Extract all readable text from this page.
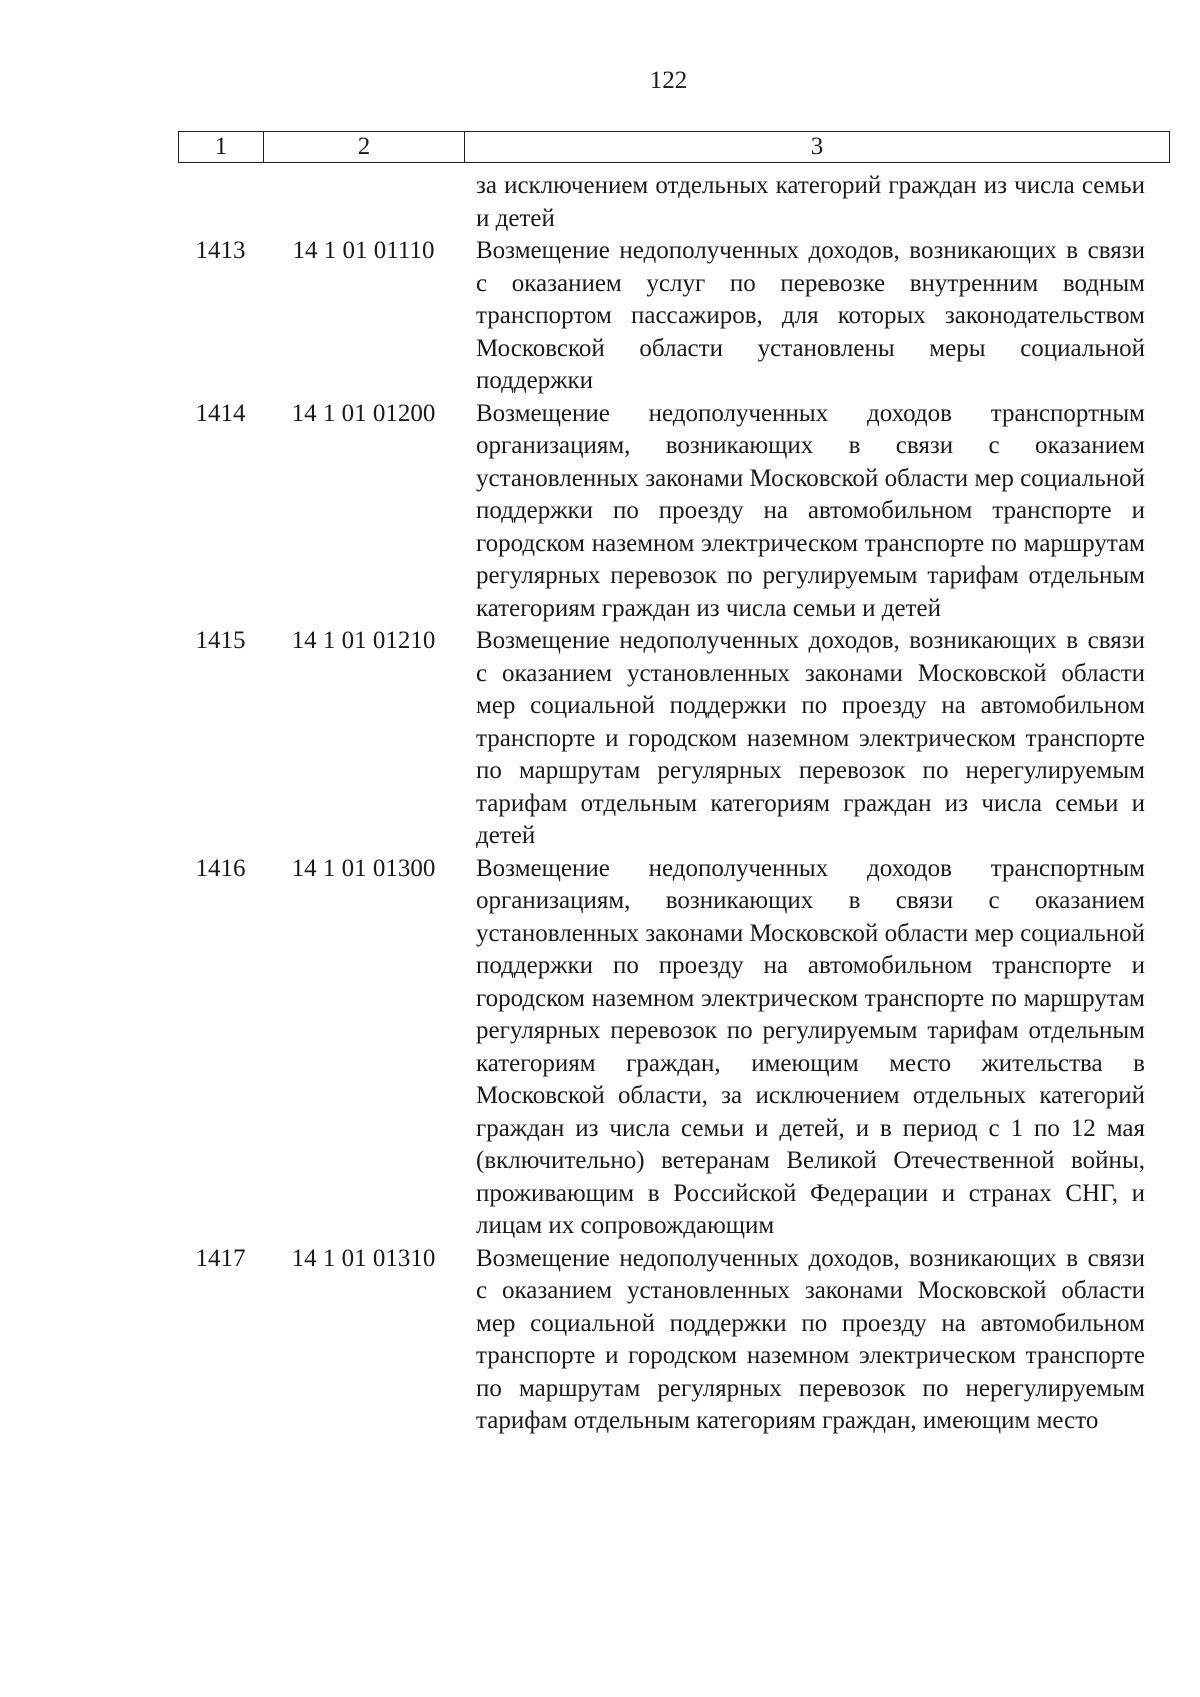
122
1	2	3
за исключением отдельных категорий граждан из числа семьи и детей
1413	14 1 01 01110	Возмещение недополученных доходов, возникающих в связи с оказанием услуг по перевозке внутренним водным транспортом пассажиров, для которых законодательством Московской области установлены меры социальной поддержки
1414	14 1 01 01200	Возмещение недополученных доходов транспортным организациям, возникающих в связи с оказанием установленных законами Московской области мер социальной поддержки по проезду на автомобильном транспорте и городском наземном электрическом транспорте по маршрутам регулярных перевозок по регулируемым тарифам отдельным категориям граждан из числа семьи и детей
1415	14 1 01 01210	Возмещение недополученных доходов, возникающих в связи с оказанием установленных законами Московской области мер социальной поддержки по проезду на автомобильном транспорте и городском наземном электрическом транспорте по маршрутам регулярных перевозок по нерегулируемым тарифам отдельным категориям граждан из числа семьи и детей
1416	14 1 01 01300	Возмещение недополученных доходов транспортным организациям, возникающих в связи с оказанием установленных законами Московской области мер социальной поддержки по проезду на автомобильном транспорте и городском наземном электрическом транспорте по маршрутам регулярных перевозок по регулируемым тарифам отдельным категориям граждан, имеющим место жительства в Московской области, за исключением отдельных категорий граждан из числа семьи и детей, и в период с 1 по 12 мая (включительно) ветеранам Великой Отечественной войны, проживающим в Российской Федерации и странах СНГ, и лицам их сопровождающим
1417	14 1 01 01310	Возмещение недополученных доходов, возникающих в связи с оказанием установленных законами Московской области мер социальной поддержки по проезду на автомобильном транспорте и городском наземном электрическом транспорте по маршрутам регулярных перевозок по нерегулируемым тарифам отдельным категориям граждан, имеющим место
